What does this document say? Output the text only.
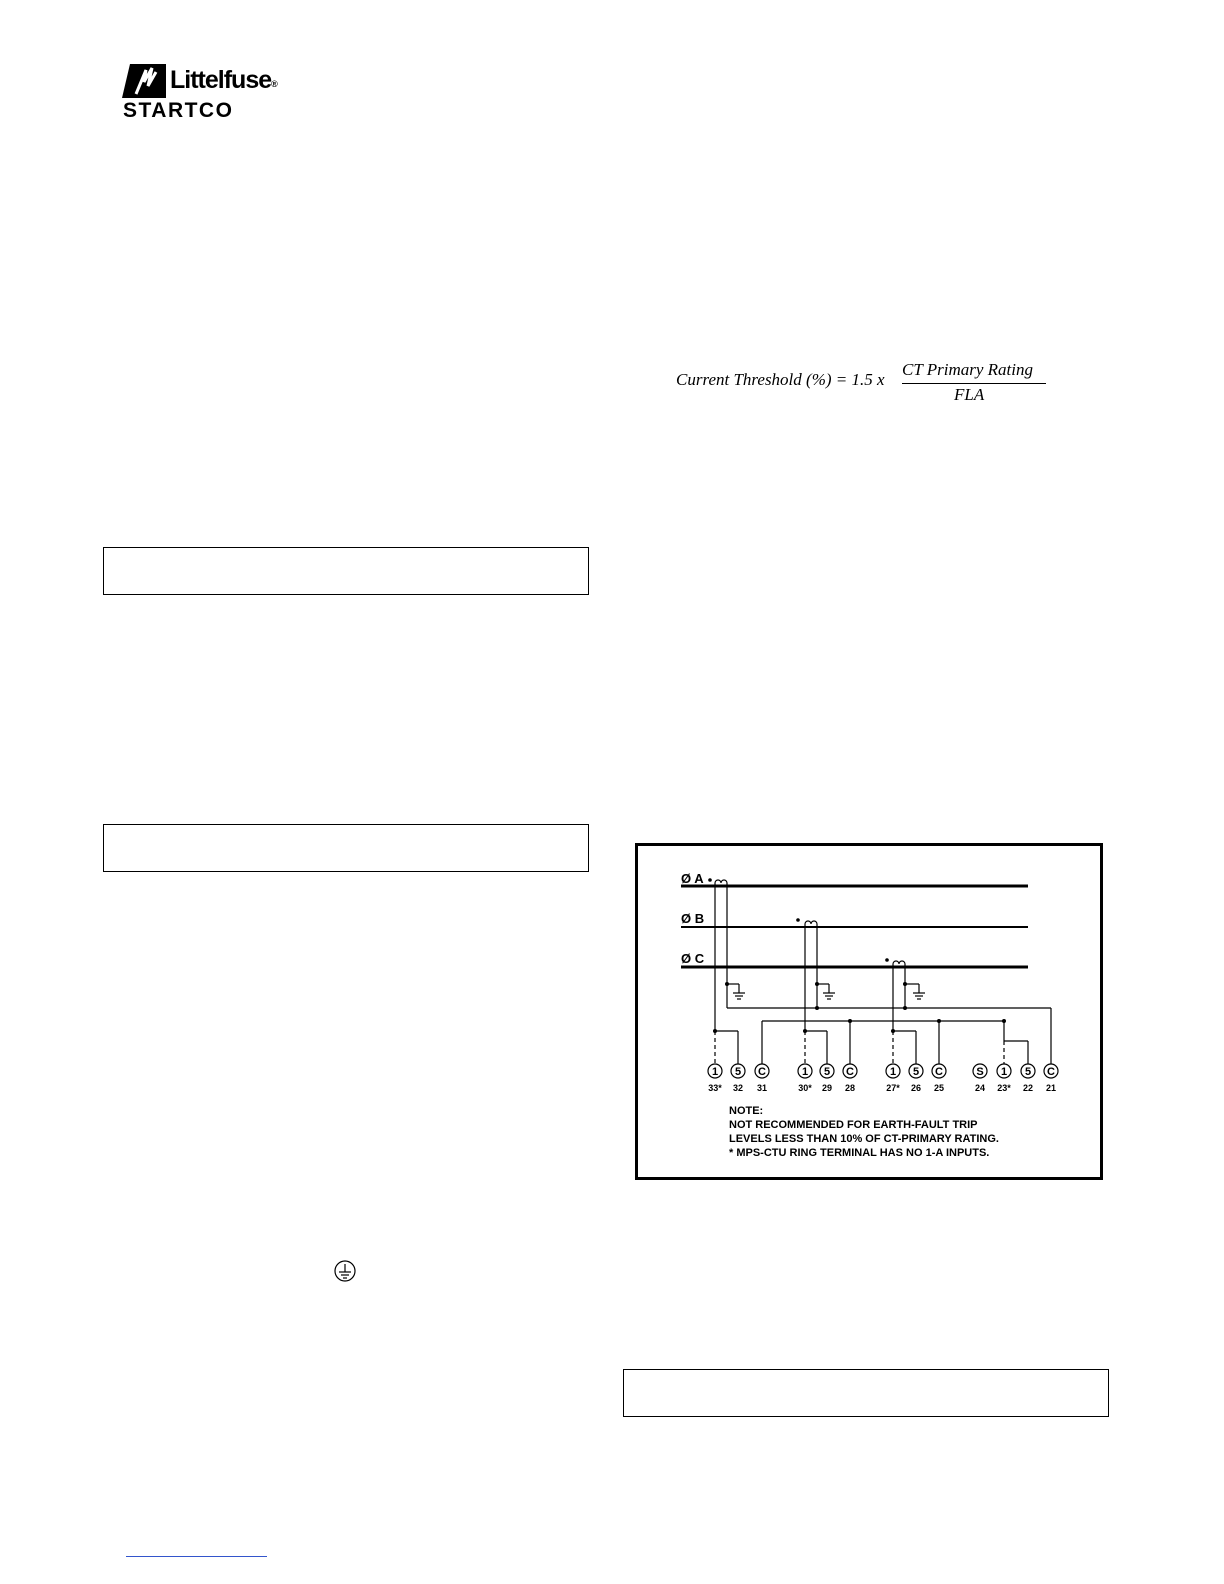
Littelfuse®
STARTCO
Current Threshold (%) = 1.5 x
CT Primary Rating
FLA
Ø A
Ø B
Ø C
1 5 C	1 5 C	1 5 C	S 1 5 C
33* 32 31	30* 29 28	27* 26 25	24 23* 22 21
NOTE:
NOT RECOMMENDED FOR EARTH-FAULT TRIP
LEVELS LESS THAN 10% OF CT-PRIMARY RATING.
* MPS-CTU RING TERMINAL HAS NO 1-A INPUTS.
